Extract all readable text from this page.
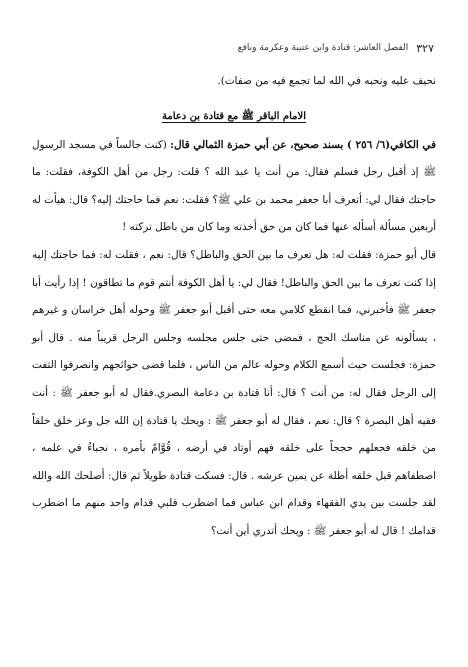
٣٢٧
الفصل العاشر: قتادة وابن عتيبة وعكرمة ونافع

نحيف عليه ونحبه في الله لما تجمع فيه من صفات).

الامام الباقر ﷺ مع قتادة بن دعامة

في الكافي(٦/ ٢٥٦ ) بسند صحيح، عن أبي حمزة الثمالي قال: (كنت جالساً في مسجد الرسول ﷺ إذ أقبل رجل فسلم فقال: من أنت يا عبد الله ؟ قلت: رجل من أهل الكوفة، فقلت: ما حاجتك فقال لي: أتعرف أبا جعفر محمد بن علي ﷺ؟ فقلت: نعم فما حاجتك إليه؟ قال: هيأت له أربعين مسألة أسأله عنها فما كان من حق أخذته وما كان من باطل تركته !

قال أبو حمزة: فقلت له: هل تعرف ما بين الحق والباطل؟ قال: نعم ، فقلت له: فما حاجتك إليه إذا كنت تعرف ما بين الحق والباطل! فقال لي: يا أهل الكوفة أنتم قوم ما تطاقون ! إذا رأيت أبا جعفر ﷺ فأخبرني، فما انقطع كلامي معه حتى أقبل أبو جعفر ﷺ وحوله أهل خراسان و غيرهم ، يسألونه عن مناسك الحج ، فمضى حتى جلس مجلسه وجلس الرجل قريباً منه . قال أبو حمزة: فجلست حيث أسمع الكلام وحوله عالم من الناس ، فلما قضى حوائجهم وانصرفوا التفت إلى الرجل فقال له: من أنت ؟ قال: أنا قتادة بن دعامة البصري.فقال له أبو جعفر ﷺ : أنت فقيه أهل البصرة ؟ قال: نعم ، فقال له أبو جعفر ﷺ : ويحك يا قتادة إن الله جل وعز خلق خلقاً من خلقه فجعلهم حججاً على خلقه فهم أوتاد في أرضه ، قُوَّامٌ بأمره ، نجباءُ في علمه ، اصطفاهم قبل خلقه أظلة عن يمين عرشه . قال: فسكت قتادة طويلاً ثم قال: أصلحك الله والله لقد جلست بين يدي الفقهاء وقدام ابن عباس فما اضطرب قلبي قدام واحد منهم ما اضطرب قدامك ! قال له أبو جعفر ﷺ : ويحك أتدري أين أنت؟
